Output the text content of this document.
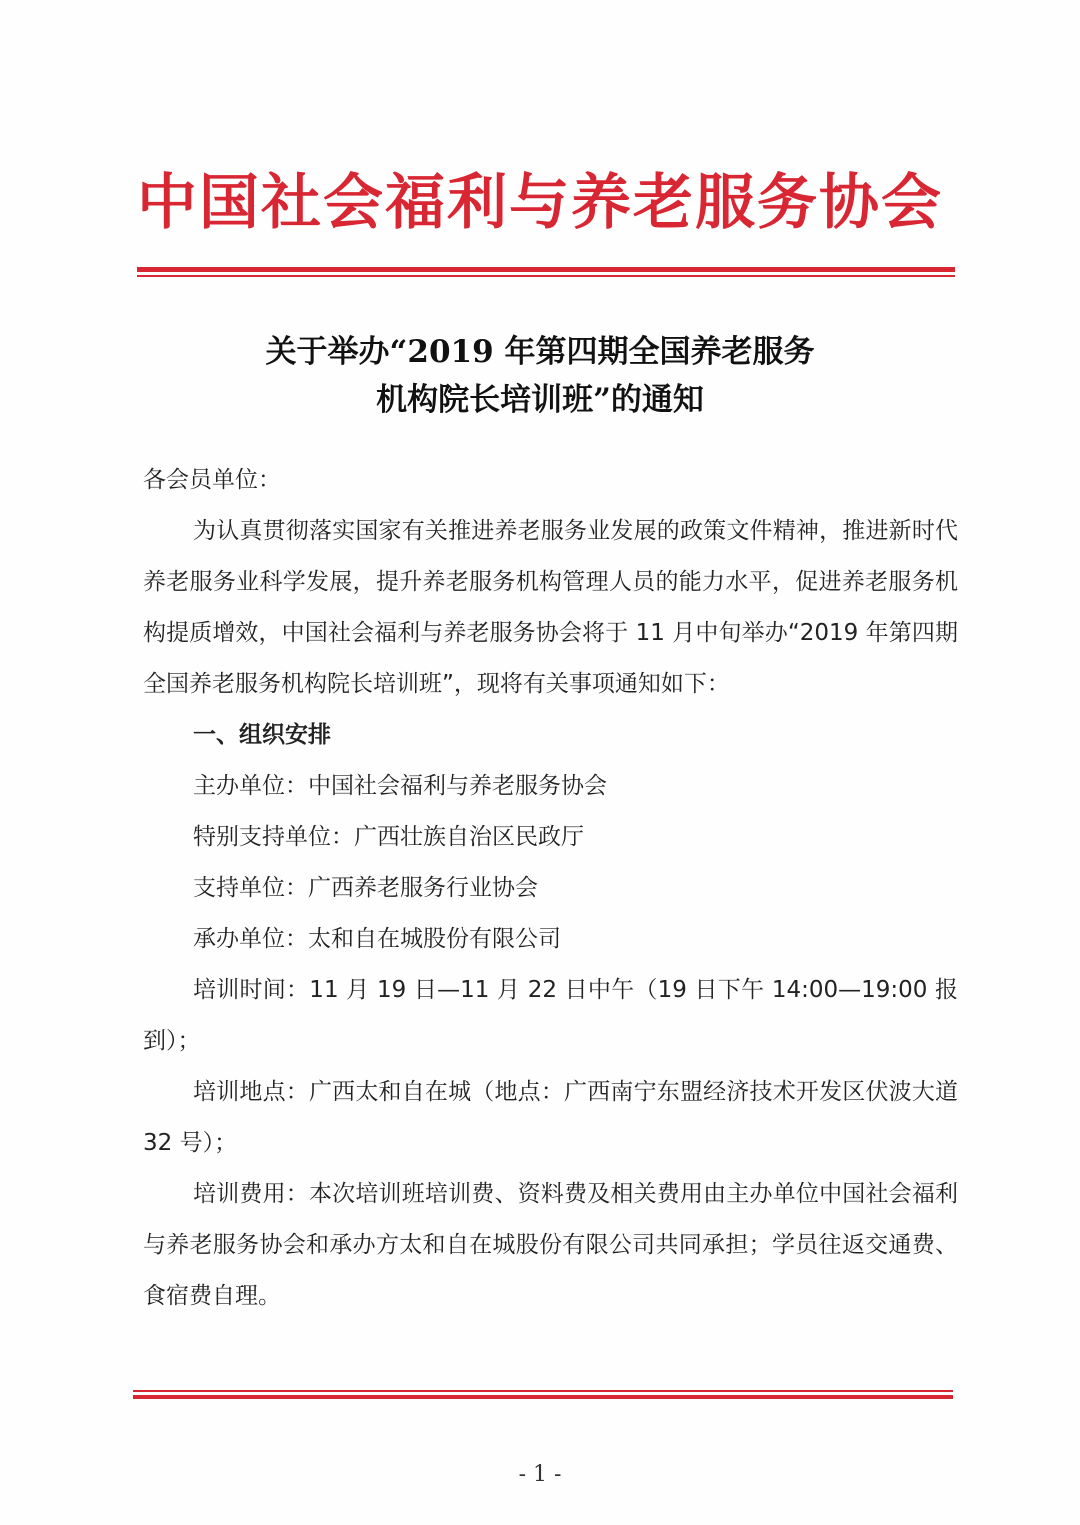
中国社会福利与养老服务协会
关于举办“2019 年第四期全国养老服务
机构院长培训班”的通知

各会员单位：

为认真贯彻落实国家有关推进养老服务业发展的政策文件精神，推进新时代养老服务业科学发展，提升养老服务机构管理人员的能力水平，促进养老服务机构提质增效，中国社会福利与养老服务协会将于 11 月中旬举办“2019 年第四期全国养老服务机构院长培训班”，现将有关事项通知如下：

一、组织安排

主办单位：中国社会福利与养老服务协会

特别支持单位：广西壮族自治区民政厅

支持单位：广西养老服务行业协会

承办单位：太和自在城股份有限公司

培训时间：11 月 19 日—11 月 22 日中午（19 日下午 14:00—19:00 报到）；

培训地点：广西太和自在城（地点：广西南宁东盟经济技术开发区伏波大道 32 号）；

培训费用：本次培训班培训费、资料费及相关费用由主办单位中国社会福利与养老服务协会和承办方太和自在城股份有限公司共同承担；学员往返交通费、食宿费自理。

- 1 -
